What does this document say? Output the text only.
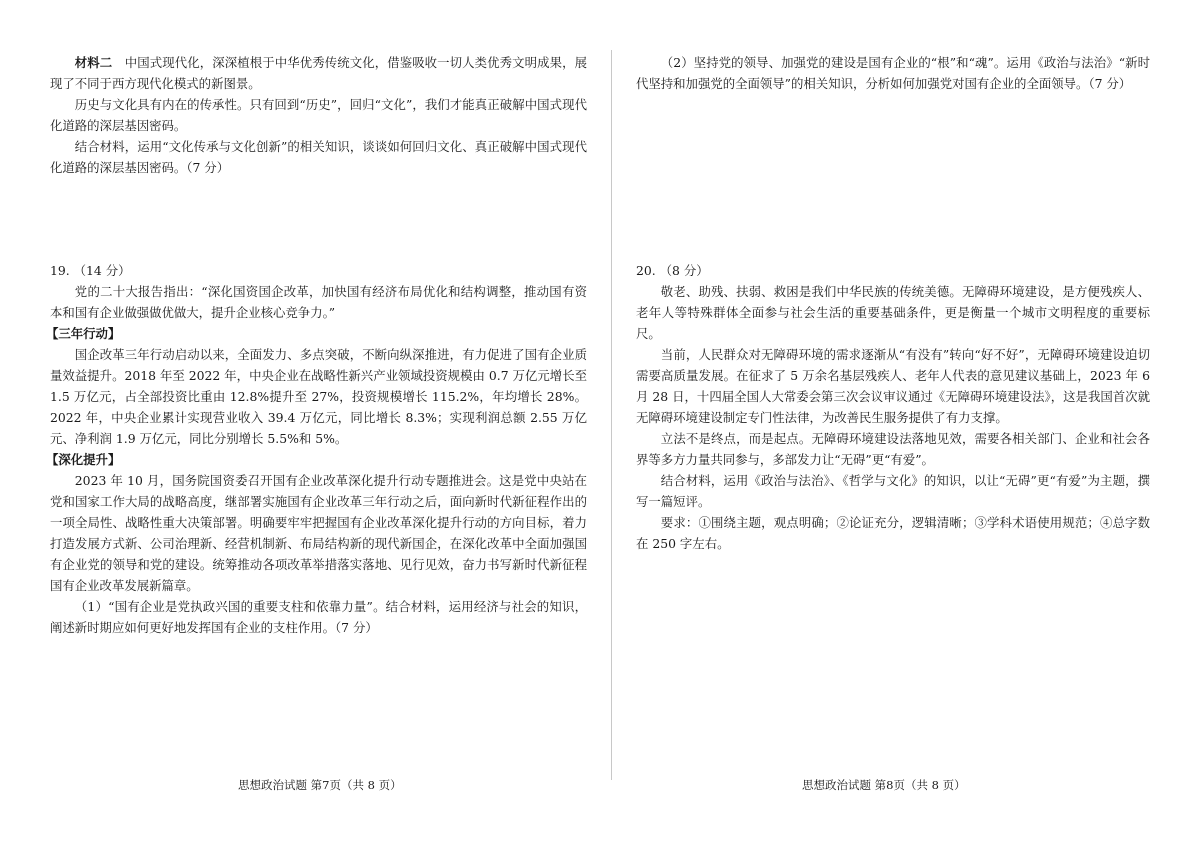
材料二　 中国式现代化，深深植根于中华优秀传统文化，借鉴吸收一切人类优秀文明成果，展现了不同于西方现代化模式的新图景。

历史与文化具有内在的传承性。只有回到“历史”，回归“文化”，我们才能真正破解中国式现代化道路的深层基因密码。

结合材料，运用“文化传承与文化创新”的相关知识，谈谈如何回归文化、真正破解中国式现代化道路的深层基因密码。（7 分）

19. （14 分）

党的二十大报告指出：“深化国资国企改革，加快国有经济布局优化和结构调整，推动国有资本和国有企业做强做优做大，提升企业核心竞争力。”

【三年行动】

国企改革三年行动启动以来，全面发力、多点突破，不断向纵深推进，有力促进了国有企业质量效益提升。2018 年至 2022 年，中央企业在战略性新兴产业领域投资规模由 0.7 万亿元增长至 1.5 万亿元，占全部投资比重由 12.8%提升至 27%，投资规模增长 115.2%，年均增长 28%。2022 年，中央企业累计实现营业收入 39.4 万亿元，同比增长 8.3%；实现利润总额 2.55 万亿元、净利润 1.9 万亿元，同比分别增长 5.5%和 5%。

【深化提升】

2023 年 10 月，国务院国资委召开国有企业改革深化提升行动专题推进会。这是党中央站在党和国家工作大局的战略高度，继部署实施国有企业改革三年行动之后，面向新时代新征程作出的一项全局性、战略性重大决策部署。明确要牢牢把握国有企业改革深化提升行动的方向目标，着力打造发展方式新、公司治理新、经营机制新、布局结构新的现代新国企，在深化改革中全面加强国有企业党的领导和党的建设。统筹推动各项改革举措落实落地、见行见效，奋力书写新时代新征程国有企业改革发展新篇章。

（1）“国有企业是党执政兴国的重要支柱和依靠力量”。结合材料，运用经济与社会的知识，阐述新时期应如何更好地发挥国有企业的支柱作用。（7 分）

思想政治试题 第7页（共 8 页）

（2）坚持党的领导、加强党的建设是国有企业的“根”和“魂”。运用《政治与法治》“新时代坚持和加强党的全面领导”的相关知识，分析如何加强党对国有企业的全面领导。（7 分）

20. （8 分）

敬老、助残、扶弱、救困是我们中华民族的传统美德。无障碍环境建设，是方便残疾人、老年人等特殊群体全面参与社会生活的重要基础条件，更是衡量一个城市文明程度的重要标尺。

当前，人民群众对无障碍环境的需求逐渐从“有没有”转向“好不好”，无障碍环境建设迫切需要高质量发展。在征求了 5 万余名基层残疾人、老年人代表的意见建议基础上，2023 年 6 月 28 日，十四届全国人大常委会第三次会议审议通过《无障碍环境建设法》，这是我国首次就无障碍环境建设制定专门性法律，为改善民生服务提供了有力支撑。

立法不是终点，而是起点。无障碍环境建设法落地见效，需要各相关部门、企业和社会各界等多方力量共同参与，多部发力让“无碍”更“有爱”。

结合材料，运用《政治与法治》、《哲学与文化》的知识，以让“无碍”更“有爱”为主题，撰写一篇短评。

要求：①围绕主题，观点明确；②论证充分，逻辑清晰；③学科术语使用规范；④总字数在 250 字左右。

思想政治试题 第8页（共 8 页）
